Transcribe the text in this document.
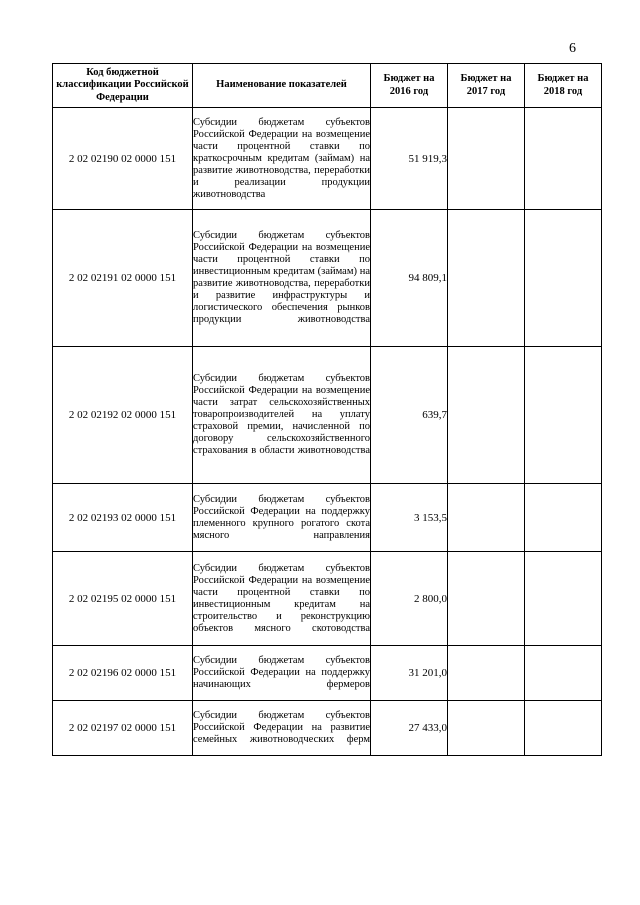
6
Код бюджетной классификации Российской Федерации	Наименование показателей	Бюджет на 2016 год	Бюджет на 2017 год	Бюджет на 2018 год
2 02 02190 02 0000 151	Субсидии бюджетам субъектов Российской Федерации на возмещение части процентной ставки по краткосрочным кредитам (займам) на развитие животноводства, переработки и реализации продукции животноводства	51 919,3		
2 02 02191 02 0000 151	Субсидии бюджетам субъектов Российской Федерации на возмещение части процентной ставки по инвестиционным кредитам (займам) на развитие животноводства, переработки и развитие инфраструктуры и логистического обеспечения рынков продукции животноводства	94 809,1		
2 02 02192 02 0000 151	Субсидии бюджетам субъектов Российской Федерации на возмещение части затрат сельскохозяйственных товаропроизводителей на уплату страховой премии, начисленной по договору сельскохозяйственного страхования в области животноводства	639,7		
2 02 02193 02 0000 151	Субсидии бюджетам субъектов Российской Федерации на поддержку племенного крупного рогатого скота мясного направления	3 153,5		
2 02 02195 02 0000 151	Субсидии бюджетам субъектов Российской Федерации на возмещение части процентной ставки по инвестиционным кредитам на строительство и реконструкцию объектов мясного скотоводства	2 800,0		
2 02 02196 02 0000 151	Субсидии бюджетам субъектов Российской Федерации на поддержку начинающих фермеров	31 201,0		
2 02 02197 02 0000 151	Субсидии бюджетам субъектов Российской Федерации на развитие семейных животноводческих ферм	27 433,0		
